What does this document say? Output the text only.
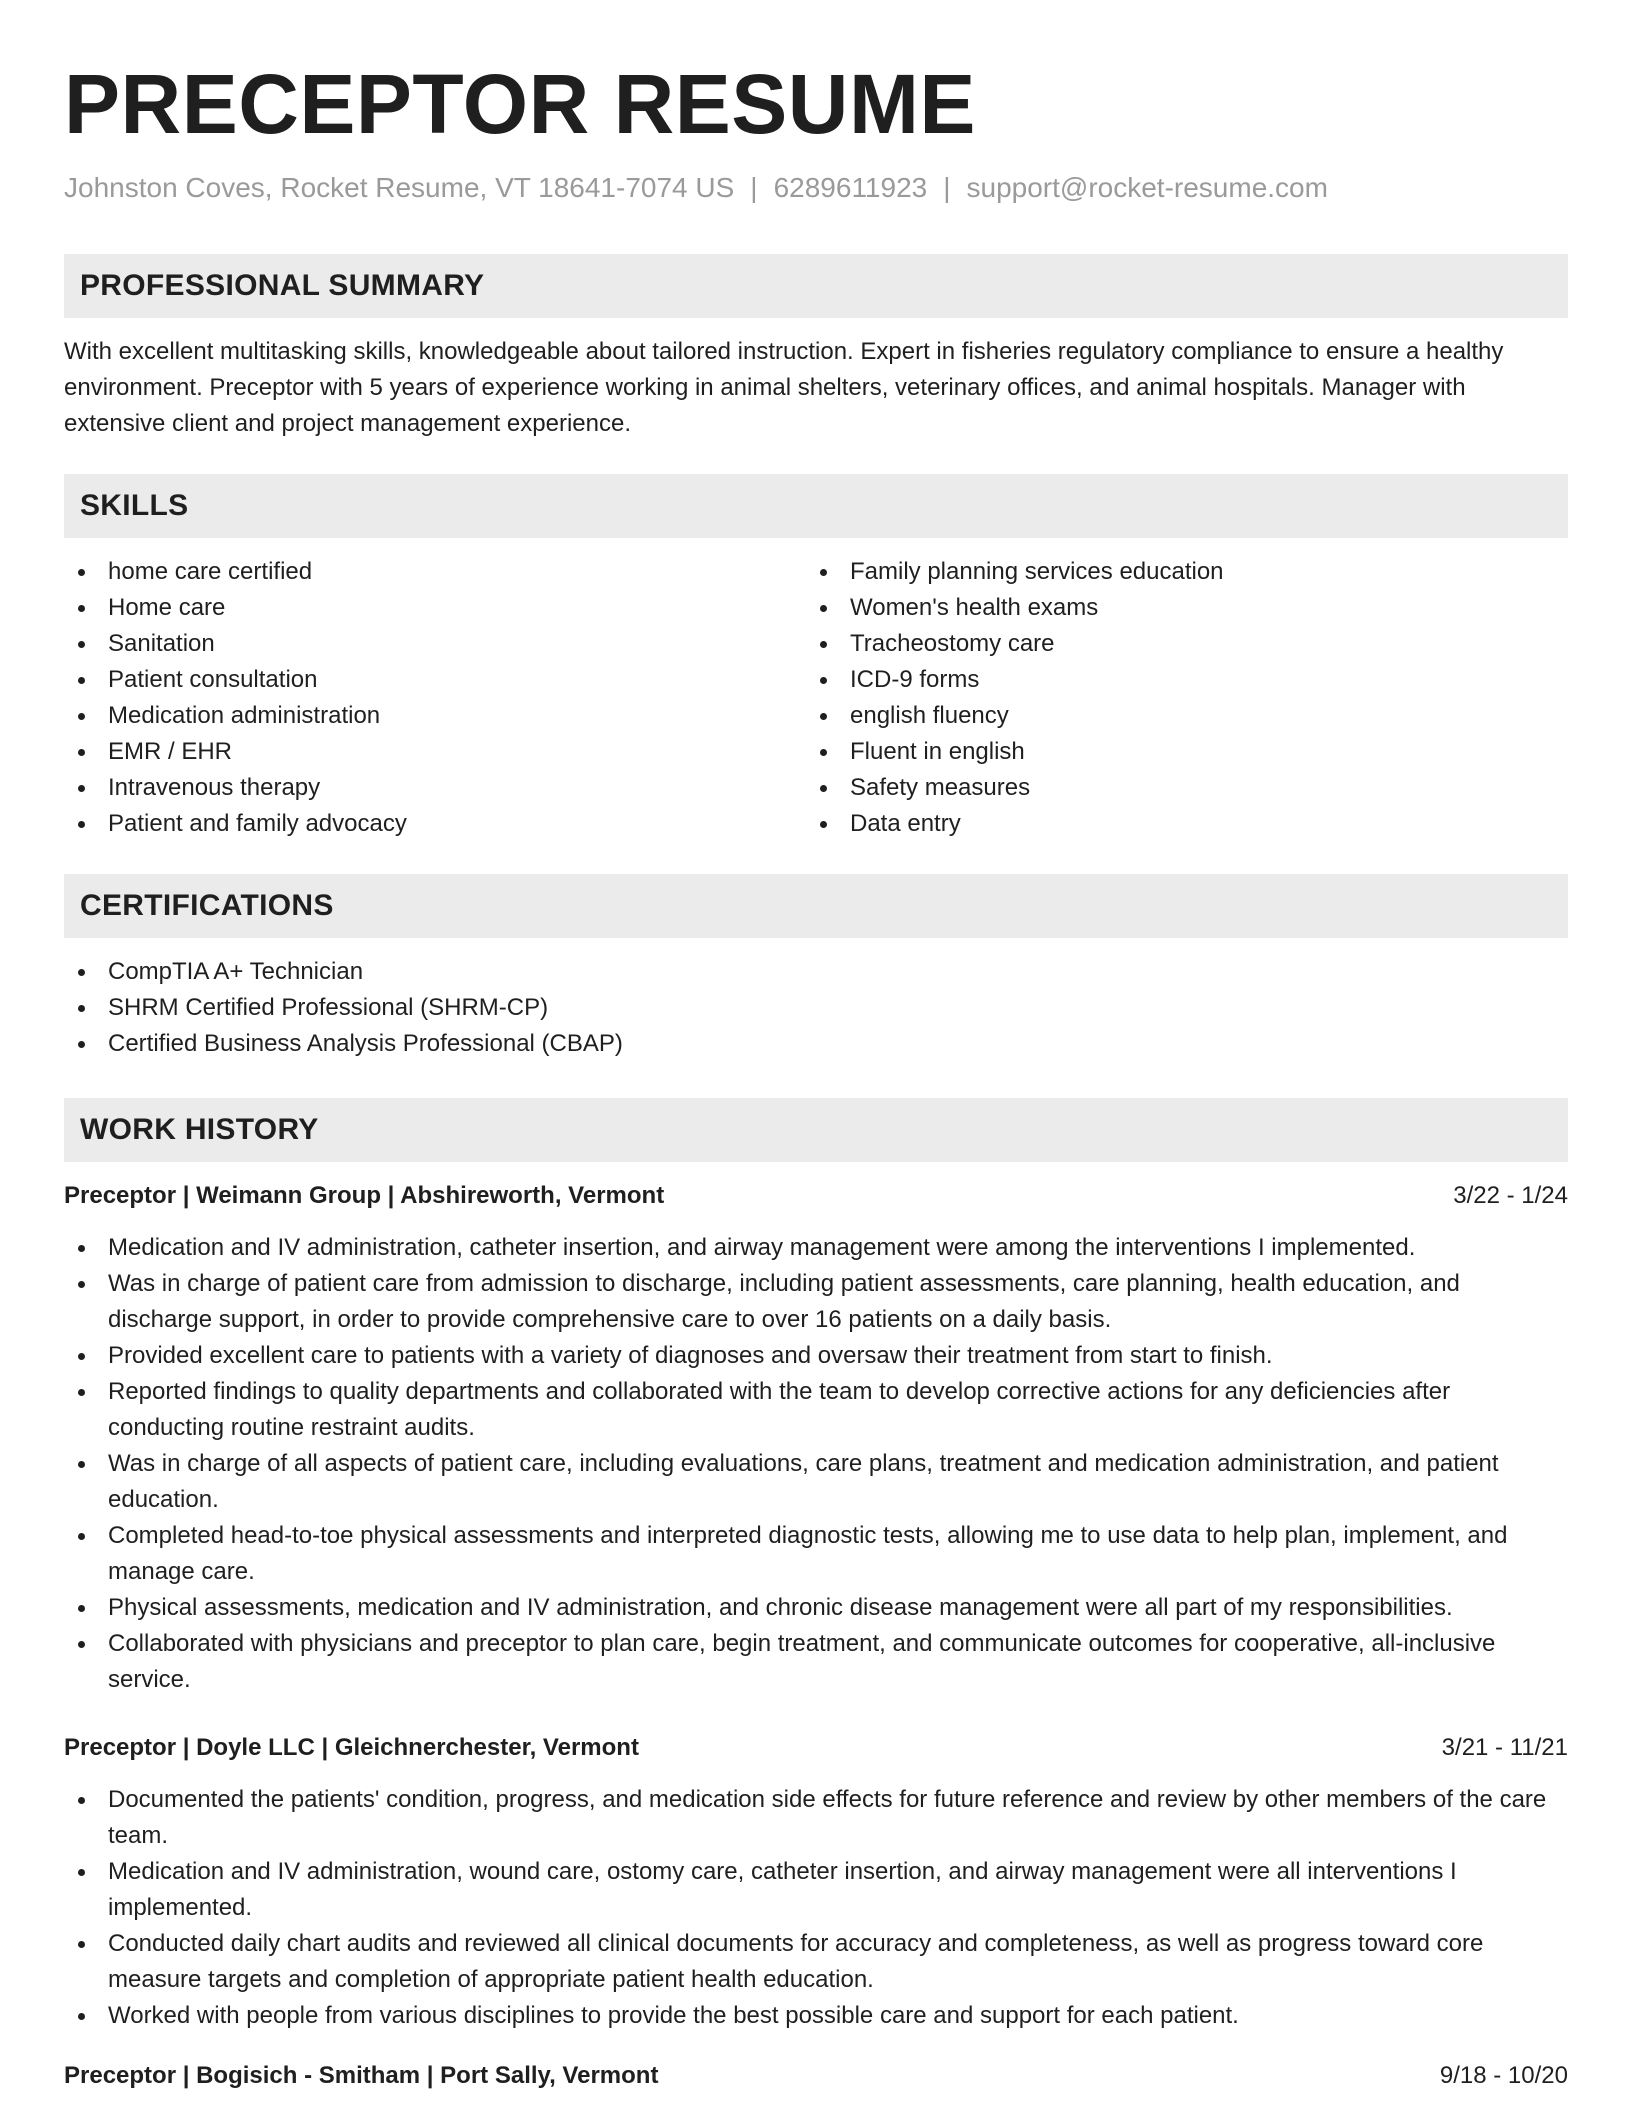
PRECEPTOR RESUME
Johnston Coves, Rocket Resume, VT 18641-7074 US | 6289611923 | support@rocket-resume.com
PROFESSIONAL SUMMARY

With excellent multitasking skills, knowledgeable about tailored instruction. Expert in fisheries regulatory compliance to ensure a healthy environment. Preceptor with 5 years of experience working in animal shelters, veterinary offices, and animal hospitals. Manager with extensive client and project management experience.

SKILLS
home care certified
Home care
Sanitation
Patient consultation
Medication administration
EMR / EHR
Intravenous therapy
Patient and family advocacy
Family planning services education
Women's health exams
Tracheostomy care
ICD-9 forms
english fluency
Fluent in english
Safety measures
Data entry
CERTIFICATIONS
CompTIA A+ Technician
SHRM Certified Professional (SHRM-CP)
Certified Business Analysis Professional (CBAP)
WORK HISTORY
Preceptor | Weimann Group | Abshireworth, Vermont	3/22 - 1/24
Medication and IV administration, catheter insertion, and airway management were among the interventions I implemented.
Was in charge of patient care from admission to discharge, including patient assessments, care planning, health education, and discharge support, in order to provide comprehensive care to over 16 patients on a daily basis.
Provided excellent care to patients with a variety of diagnoses and oversaw their treatment from start to finish.
Reported findings to quality departments and collaborated with the team to develop corrective actions for any deficiencies after conducting routine restraint audits.
Was in charge of all aspects of patient care, including evaluations, care plans, treatment and medication administration, and patient education.
Completed head-to-toe physical assessments and interpreted diagnostic tests, allowing me to use data to help plan, implement, and manage care.
Physical assessments, medication and IV administration, and chronic disease management were all part of my responsibilities.
Collaborated with physicians and preceptor to plan care, begin treatment, and communicate outcomes for cooperative, all-inclusive service.
Preceptor | Doyle LLC | Gleichnerchester, Vermont	3/21 - 11/21
Documented the patients' condition, progress, and medication side effects for future reference and review by other members of the care team.
Medication and IV administration, wound care, ostomy care, catheter insertion, and airway management were all interventions I implemented.
Conducted daily chart audits and reviewed all clinical documents for accuracy and completeness, as well as progress toward core measure targets and completion of appropriate patient health education.
Worked with people from various disciplines to provide the best possible care and support for each patient.
Preceptor | Bogisich - Smitham | Port Sally, Vermont	9/18 - 10/20
